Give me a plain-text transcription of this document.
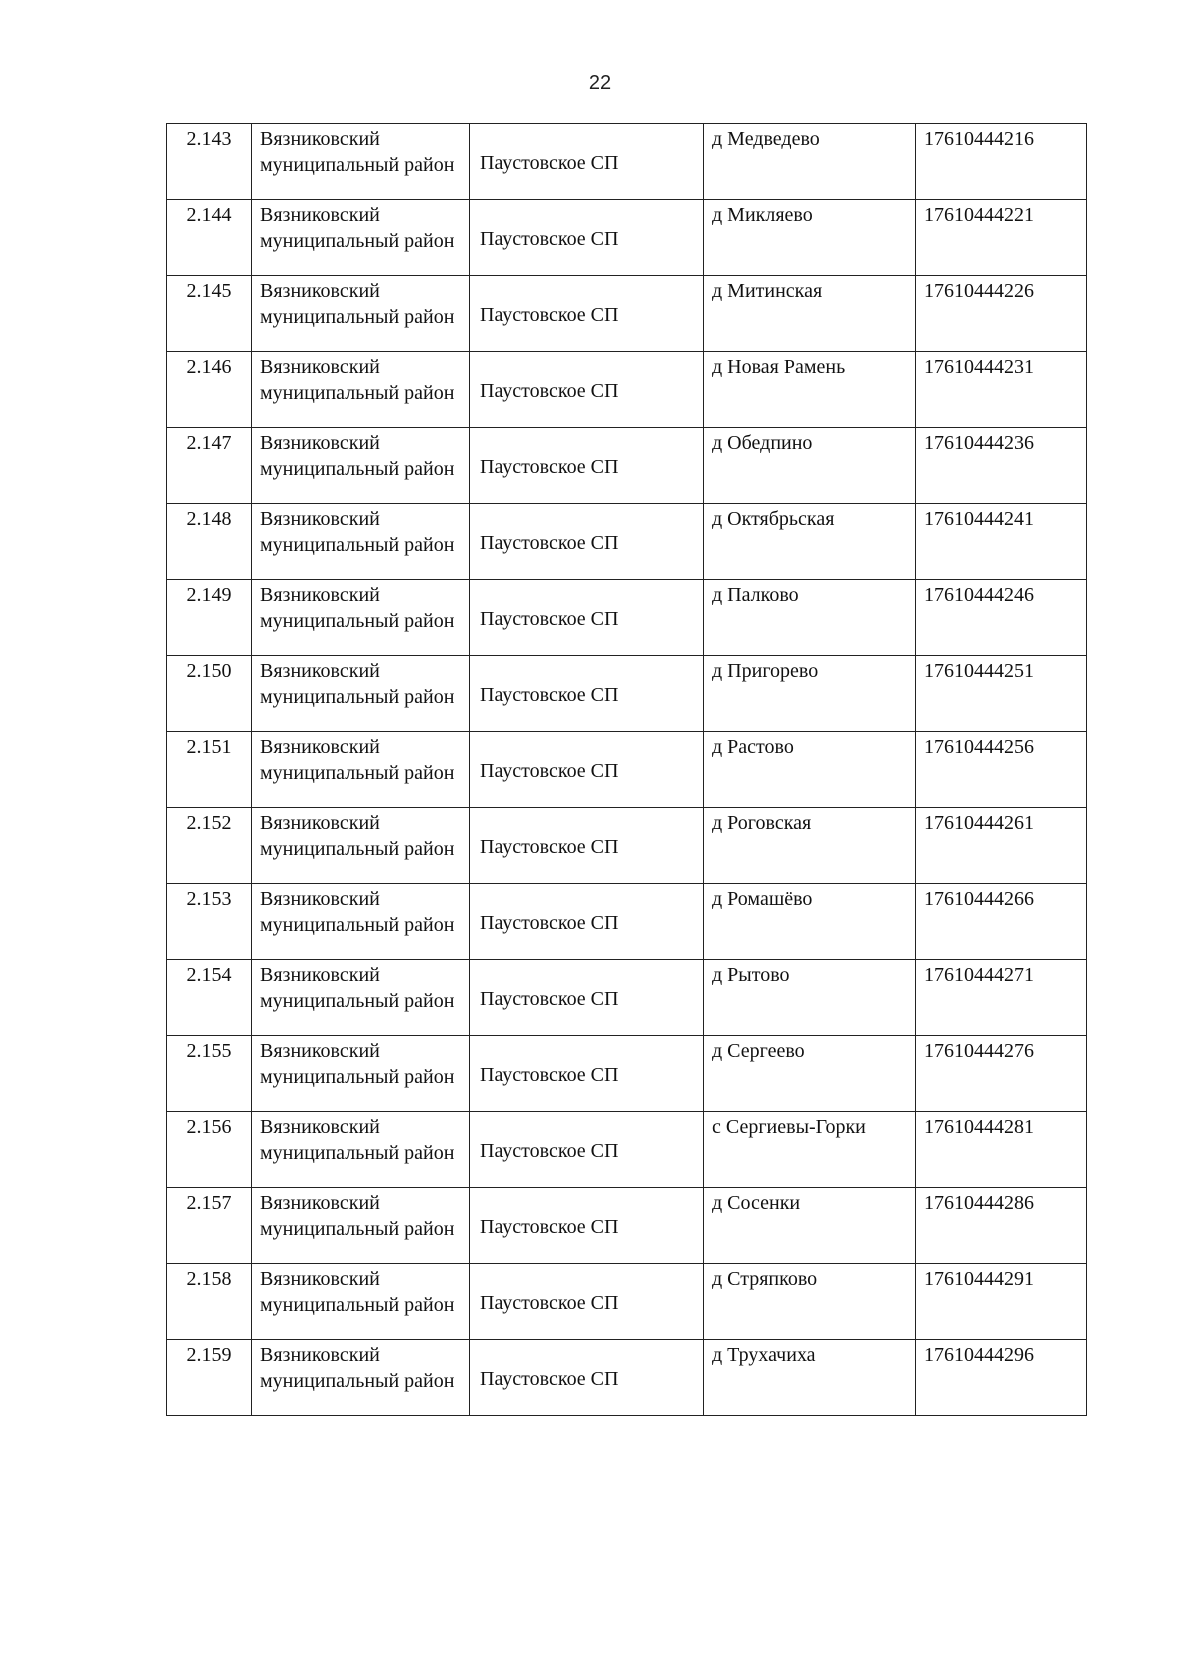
22
2.143	Вязниковский муниципальный район	Паустовское СП	д Медведево	17610444216
2.144	Вязниковский муниципальный район	Паустовское СП	д Микляево	17610444221
2.145	Вязниковский муниципальный район	Паустовское СП	д Митинская	17610444226
2.146	Вязниковский муниципальный район	Паустовское СП	д Новая Рамень	17610444231
2.147	Вязниковский муниципальный район	Паустовское СП	д Обедпино	17610444236
2.148	Вязниковский муниципальный район	Паустовское СП	д Октябрьская	17610444241
2.149	Вязниковский муниципальный район	Паустовское СП	д Палково	17610444246
2.150	Вязниковский муниципальный район	Паустовское СП	д Пригорево	17610444251
2.151	Вязниковский муниципальный район	Паустовское СП	д Растово	17610444256
2.152	Вязниковский муниципальный район	Паустовское СП	д Роговская	17610444261
2.153	Вязниковский муниципальный район	Паустовское СП	д Ромашёво	17610444266
2.154	Вязниковский муниципальный район	Паустовское СП	д Рытово	17610444271
2.155	Вязниковский муниципальный район	Паустовское СП	д Сергеево	17610444276
2.156	Вязниковский муниципальный район	Паустовское СП	с Сергиевы-Горки	17610444281
2.157	Вязниковский муниципальный район	Паустовское СП	д Сосенки	17610444286
2.158	Вязниковский муниципальный район	Паустовское СП	д Стряпково	17610444291
2.159	Вязниковский муниципальный район	Паустовское СП	д Трухачиха	17610444296
